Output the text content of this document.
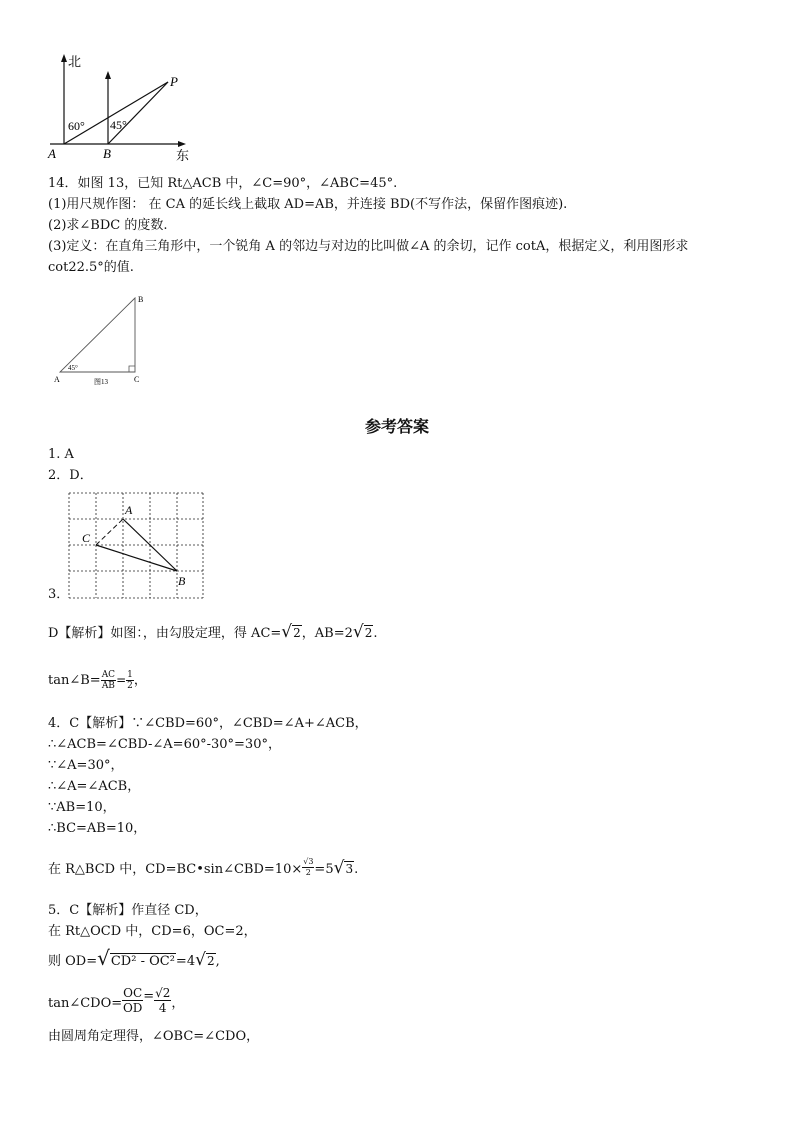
北
东
P
A	B
60° 45°
14．如图 13，已知 Rt△ACB 中，∠C=90°，∠ABC=45°.
(1)用尺规作图： 在 CA 的延长线上截取 AD=AB，并连接 BD(不写作法，保留作图痕迹).
(2)求∠BDC 的度数.
(3)定义：在直角三角形中，一个锐角 A 的邻边与对边的比叫做∠A 的余切，记作 cotA，根据定义，利用图形求
cot22.5°的值.
B
A	C
45°
图13
参考答案
1. A
2．D．
A
C
B
3．
D【解析】如图：，由勾股定理，得 AC=√2，AB=2√2.
tan∠B= $\frac{AC}{AB} = \frac{1}{2}$ ，
4．C【解析】∵∠CBD=60°，∠CBD=∠A+∠ACB，
∴∠ACB=∠CBD-∠A=60°-30°=30°，
∵∠A=30°，
∴∠A=∠ACB，
∵AB=10，
∴BC=AB=10，
在 R△BCD 中，CD=BC•sin∠CBD=10× $\frac{√3}{2} =5√3$.
5．C【解析】作直径 CD，
在 Rt△OCD 中，CD=6，OC=2，
则 OD=√CD² - OC²=4√2,
tan∠CDO= $\frac{OC}{OD} = \frac{√2}{4}$ ，
由圆周角定理得，∠OBC=∠CDO，
